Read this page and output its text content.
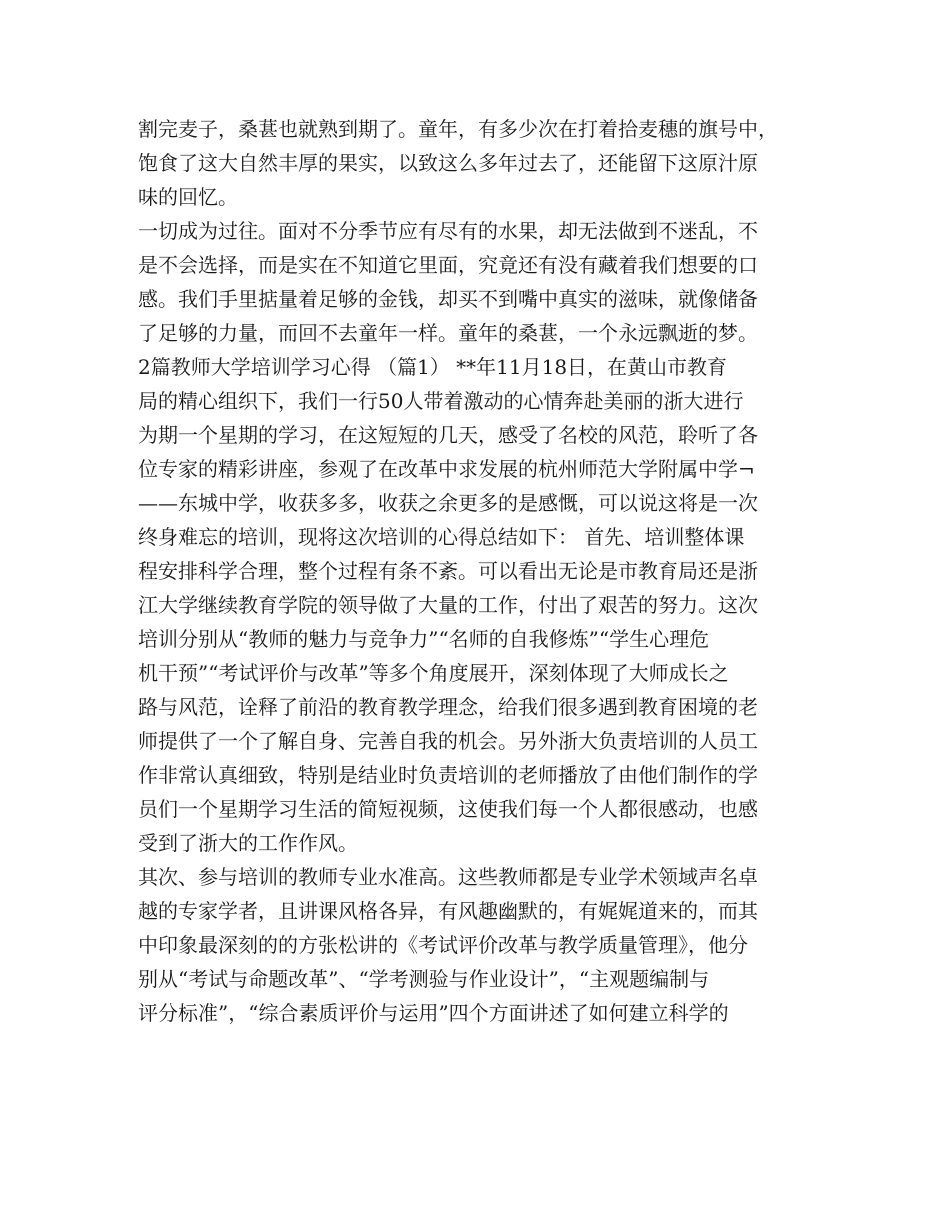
割完麦子，桑葚也就熟到期了。童年，有多少次在打着拾麦穗的旗号中，
饱食了这大自然丰厚的果实，以致这么多年过去了，还能留下这原汁原
味的回忆。
一切成为过往。面对不分季节应有尽有的水果，却无法做到不迷乱，不
是不会选择，而是实在不知道它里面，究竟还有没有藏着我们想要的口
感。我们手里掂量着足够的金钱，却买不到嘴中真实的滋味，就像储备
了足够的力量，而回不去童年一样。童年的桑葚，一个永远飘逝的梦。
2篇教师大学培训学习心得 （篇1） **年11月18日，在黄山市教育
局的精心组织下，我们一行50人带着激动的心情奔赴美丽的浙大进行
为期一个星期的学习，在这短短的几天，感受了名校的风范，聆听了各
位专家的精彩讲座，参观了在改革中求发展的杭州师范大学附属中学¬
——东城中学，收获多多，收获之余更多的是感慨，可以说这将是一次
终身难忘的培训，现将这次培训的心得总结如下： 首先、培训整体课
程安排科学合理，整个过程有条不紊。可以看出无论是市教育局还是浙
江大学继续教育学院的领导做了大量的工作，付出了艰苦的努力。这次
培训分别从“教师的魅力与竞争力”“名师的自我修炼”“学生心理危
机干预”“考试评价与改革”等多个角度展开，深刻体现了大师成长之
路与风范，诠释了前沿的教育教学理念，给我们很多遇到教育困境的老
师提供了一个了解自身、完善自我的机会。另外浙大负责培训的人员工
作非常认真细致，特别是结业时负责培训的老师播放了由他们制作的学
员们一个星期学习生活的简短视频，这使我们每一个人都很感动，也感
受到了浙大的工作作风。
其次、参与培训的教师专业水准高。这些教师都是专业学术领域声名卓
越的专家学者，且讲课风格各异，有风趣幽默的，有娓娓道来的，而其
中印象最深刻的的方张松讲的《考试评价改革与教学质量管理》，他分
别从“考试与命题改革”、“学考测验与作业设计”，“主观题编制与
评分标准”，“综合素质评价与运用”四个方面讲述了如何建立科学的
